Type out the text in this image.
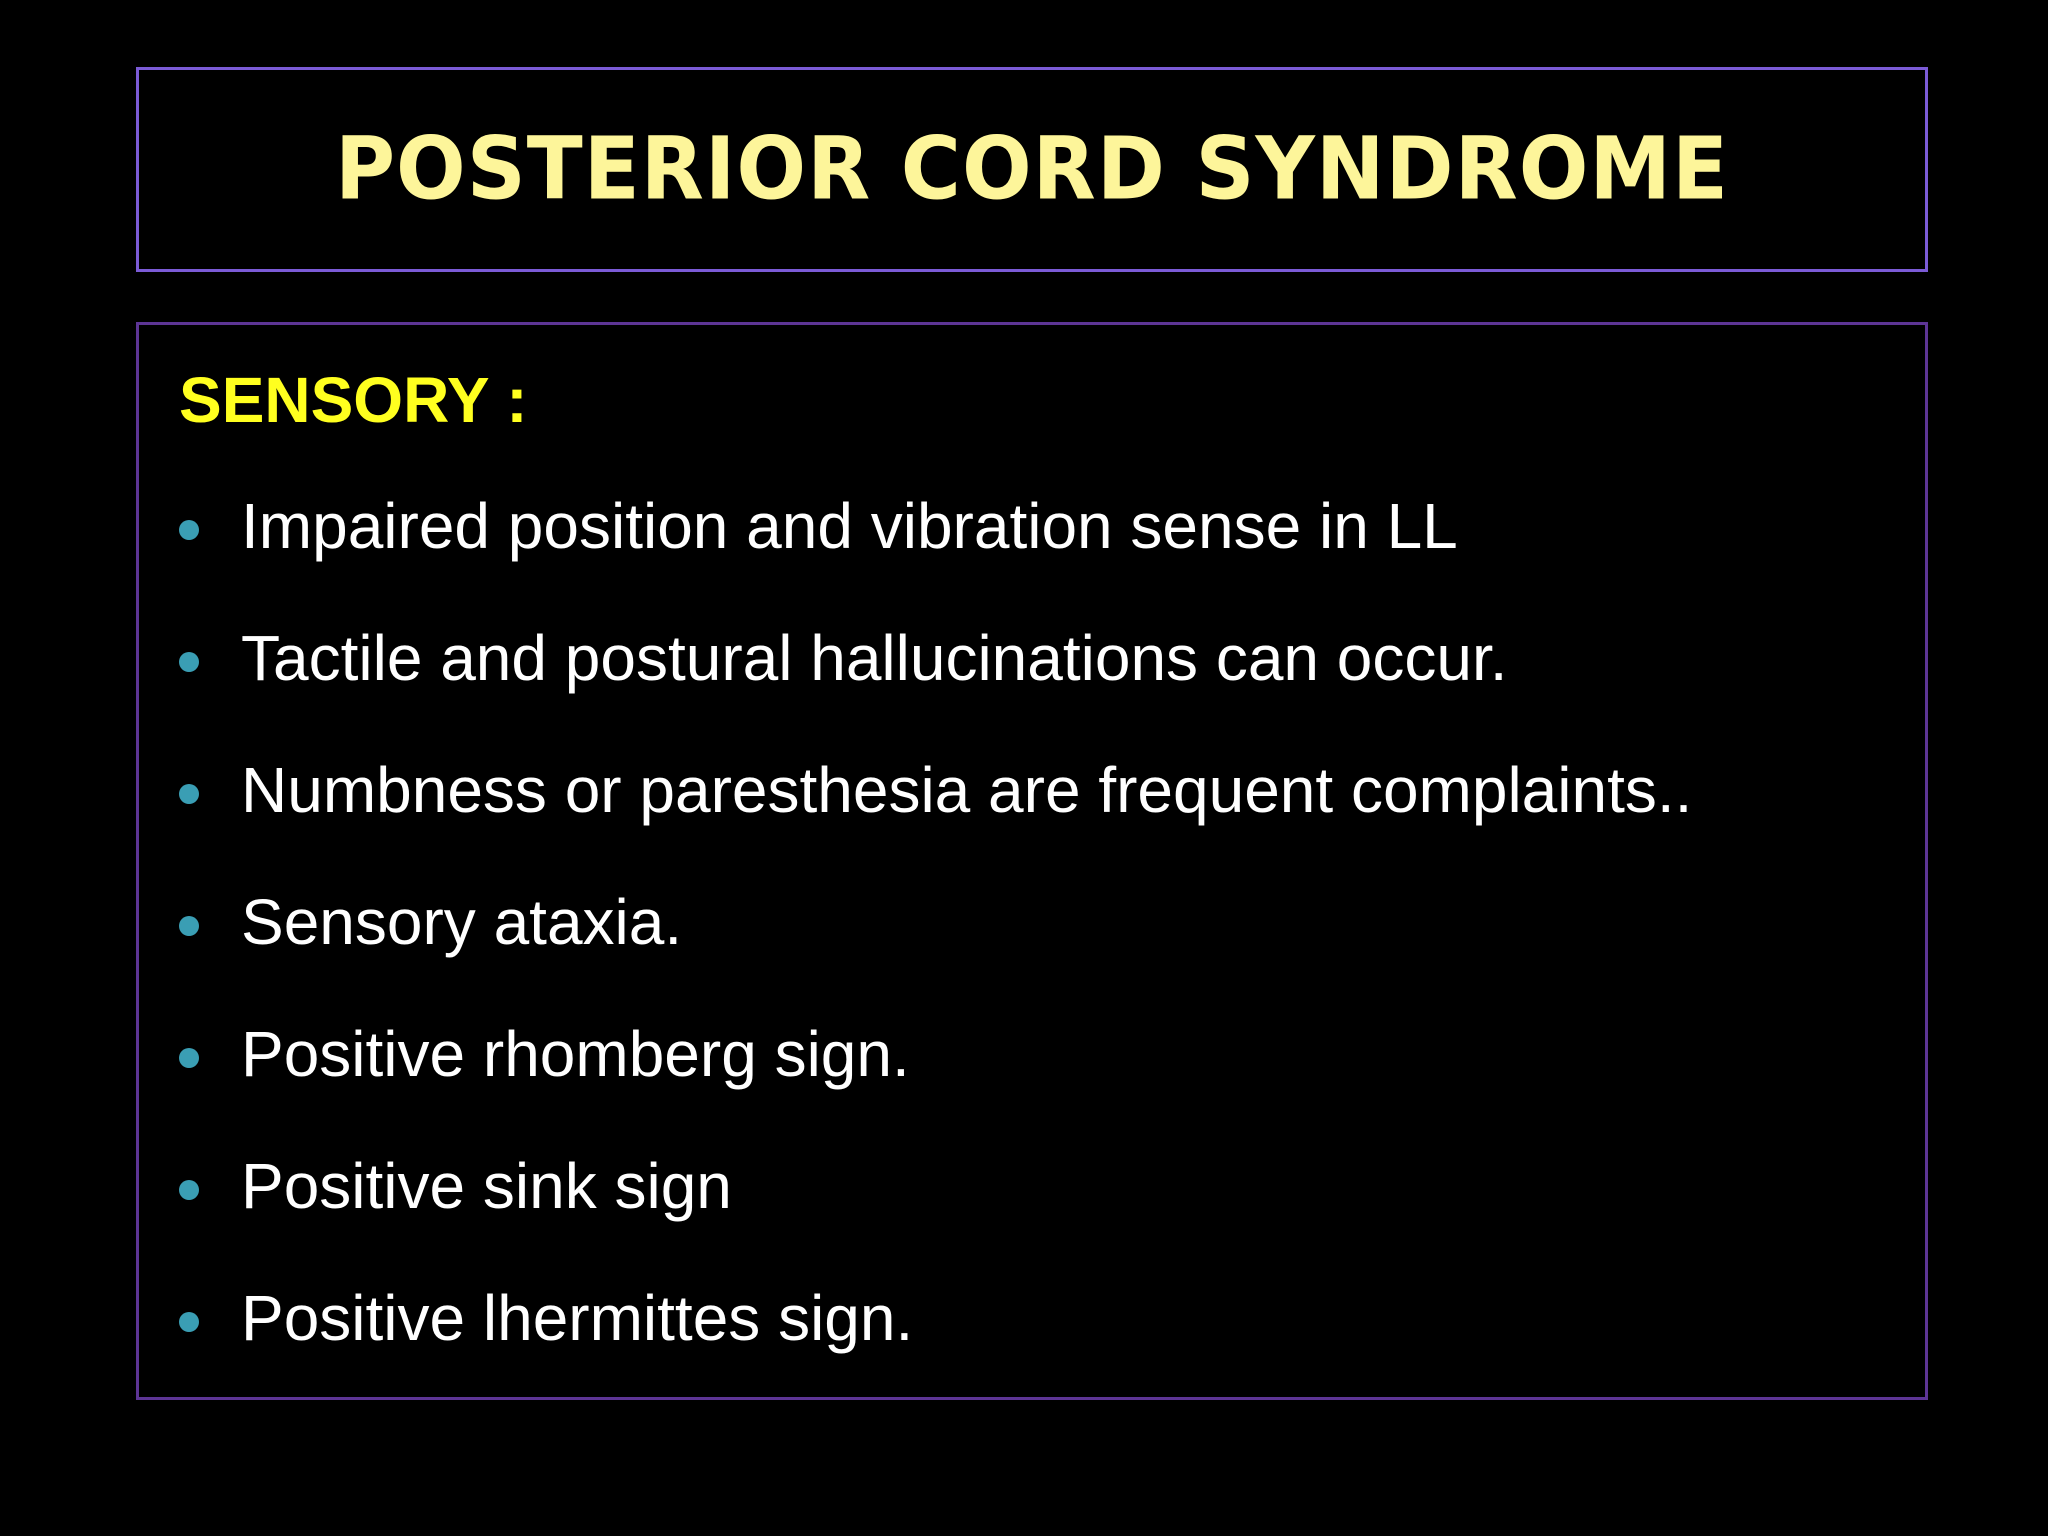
POSTERIOR CORD SYNDROME
SENSORY :
Impaired position and vibration sense in LL
Tactile and postural hallucinations can occur.
Numbness or paresthesia are frequent complaints..
Sensory ataxia.
Positive rhomberg sign.
Positive sink sign
Positive lhermittes sign.
